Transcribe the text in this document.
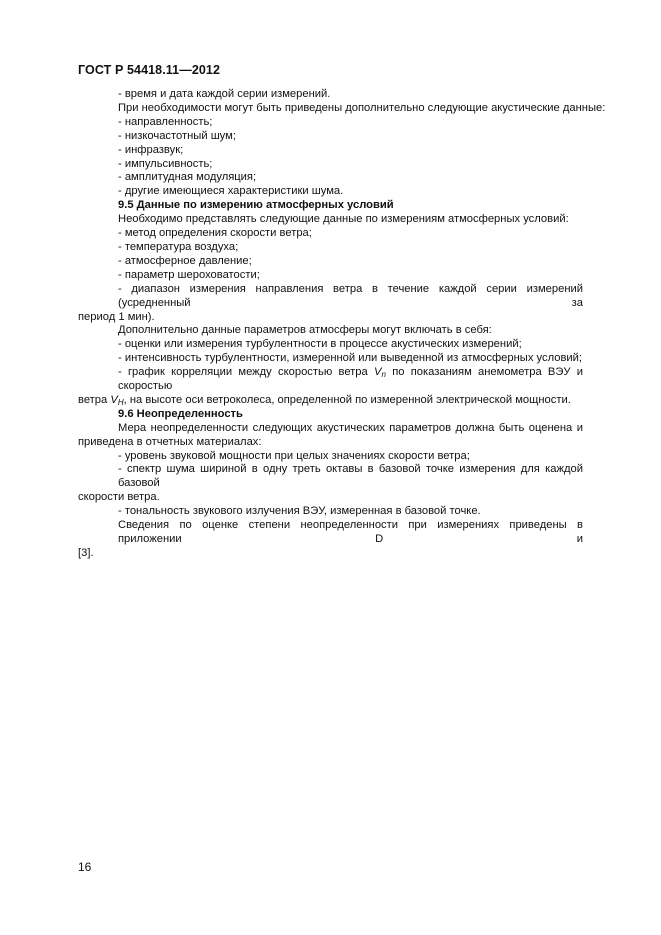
ГОСТ Р 54418.11—2012
- время и дата каждой серии измерений.
При необходимости могут быть приведены дополнительно следующие акустические данные:
- направленность;
- низкочастотный шум;
- инфразвук;
- импульсивность;
- амплитудная модуляция;
- другие имеющиеся характеристики шума.
9.5 Данные по измерению атмосферных условий
Необходимо представлять следующие данные по измерениям атмосферных условий:
- метод определения скорости ветра;
- температура воздуха;
- атмосферное давление;
- параметр шероховатости;
- диапазон измерения направления ветра в течение каждой серии измерений (усредненный за
период 1 мин).
Дополнительно данные параметров атмосферы могут включать в себя:
- оценки или измерения турбулентности в процессе акустических измерений;
- интенсивность турбулентности, измеренной или выведенной из атмосферных условий;
- график корреляции между скоростью ветра $V_n$ по показаниям анемометра ВЭУ и скоростью
ветра $V_H$, на высоте оси ветроколеса, определенной по измеренной электрической мощности.
9.6 Неопределенность
Мера неопределенности следующих акустических параметров должна быть оценена и
приведена в отчетных материалах:
- уровень звуковой мощности при целых значениях скорости ветра;
- спектр шума шириной в одну треть октавы в базовой точке измерения для каждой базовой
скорости ветра.
- тональность звукового излучения ВЭУ, измеренная в базовой точке.
Сведения по оценке степени неопределенности при измерениях приведены в приложении D и
[3].
16
